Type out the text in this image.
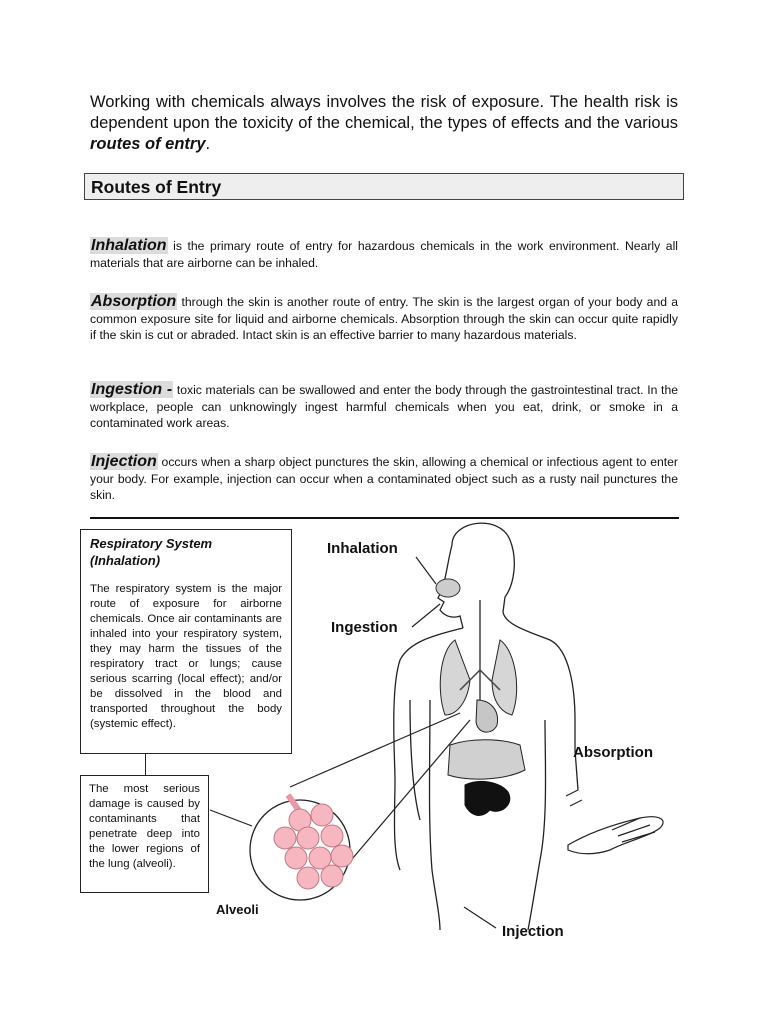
Working with chemicals always involves the risk of exposure. The health risk is dependent upon the toxicity of the chemical, the types of effects and the various routes of entry.
Routes of Entry
Inhalation is the primary route of entry for hazardous chemicals in the work environment. Nearly all materials that are airborne can be inhaled.
Absorption through the skin is another route of entry. The skin is the largest organ of your body and a common exposure site for liquid and airborne chemicals. Absorption through the skin can occur quite rapidly if the skin is cut or abraded. Intact skin is an effective barrier to many hazardous materials.
Ingestion - toxic materials can be swallowed and enter the body through the gastrointestinal tract. In the workplace, people can unknowingly ingest harmful chemicals when you eat, drink, or smoke in a contaminated work areas.
Injection occurs when a sharp object punctures the skin, allowing a chemical or infectious agent to enter your body. For example, injection can occur when a contaminated object such as a rusty nail punctures the skin.
Respiratory System
(Inhalation)
The respiratory system is the major route of exposure for airborne chemicals. Once air contaminants are inhaled into your respiratory system, they may harm the tissues of the respiratory tract or lungs; cause serious scarring (local effect); and/or be dissolved in the blood and transported throughout the body (systemic effect).
The most serious damage is caused by contaminants that penetrate deep into the lower regions of the lung (alveoli).
Inhalation
Ingestion
Absorption
Injection
Alveoli
